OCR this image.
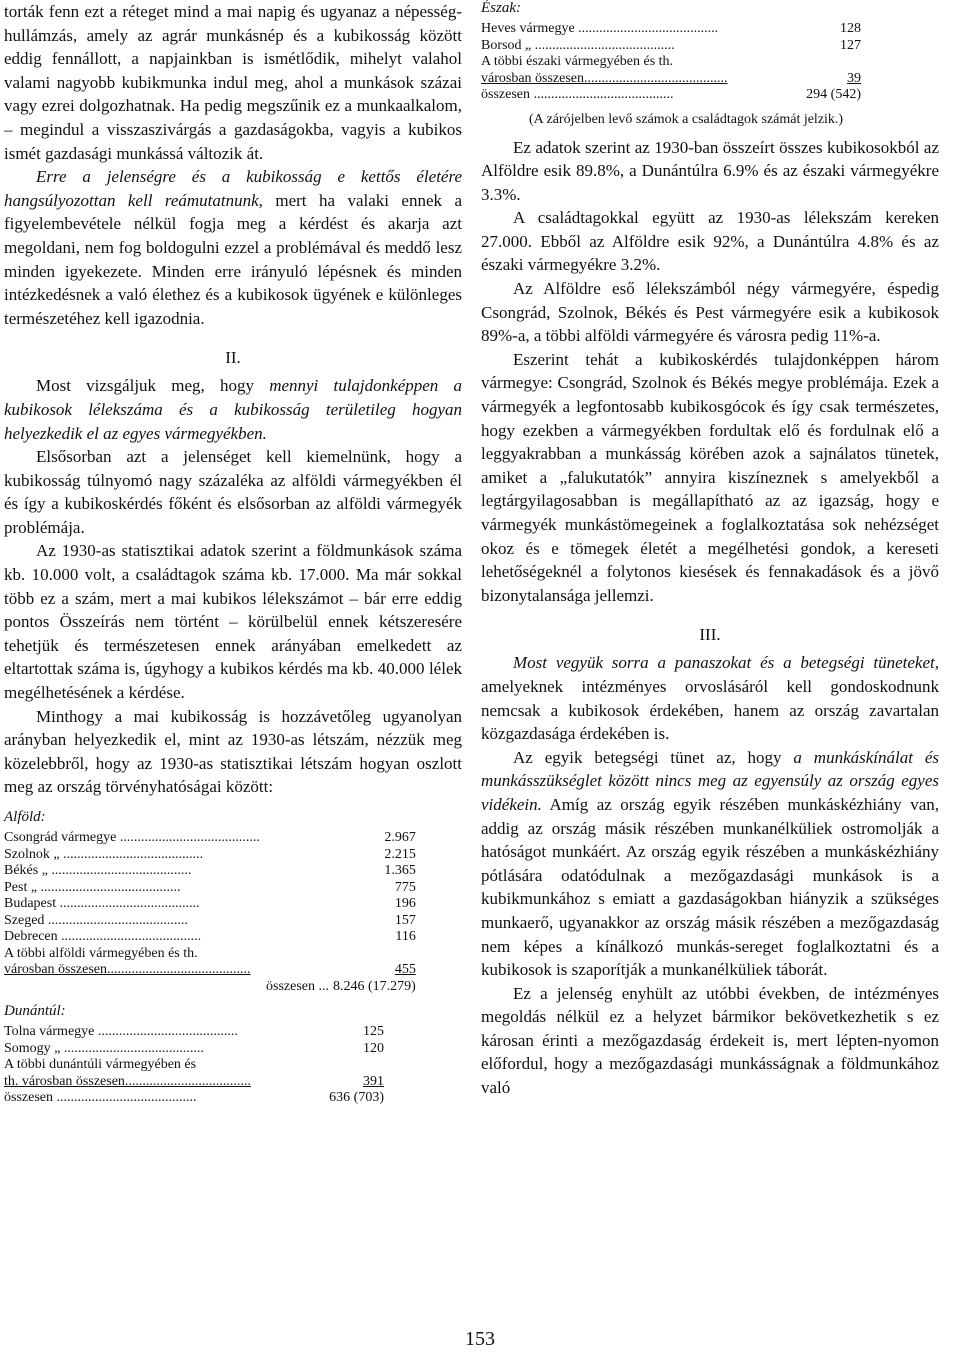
torták fenn ezt a réteget mind a mai napig és ugyanaz a népesség-hullámzás, amely az agrár munkásnép és a kubikosság között eddig fennállott, a napjainkban is ismétlődik, mihelyt valahol valami nagyobb kubikmunka indul meg, ahol a munkások százai vagy ezrei dolgozhatnak. Ha pedig megszűnik ez a munkaalkalom, – megindul a visszaszivárgás a gazdaságokba, vagyis a kubikos ismét gazdasági munkássá változik át.

Erre a jelenségre és a kubikosság e kettős életére hangsúlyozottan kell reámutatnunk, mert ha valaki ennek a figyelembevétele nélkül fogja meg a kérdést és akarja azt megoldani, nem fog boldogulni ezzel a problémával és meddő lesz minden igyekezete. Minden erre irányuló lépésnek és minden intézkedésnek a való élethez és a kubikosok ügyének e különleges természetéhez kell igazodnia.

II.

Most vizsgáljuk meg, hogy mennyi tulajdonképpen a kubikosok lélekszáma és a kubikosság területileg hogyan helyezkedik el az egyes vármegyékben.

Elsősorban azt a jelenséget kell kiemelnünk, hogy a kubikosság túlnyomó nagy százaléka az alföldi vármegyékben él és így a kubikoskérdés főként és elsősorban az alföldi vármegyék problémája.

Az 1930-as statisztikai adatok szerint a földmunkások száma kb. 10.000 volt, a családtagok száma kb. 17.000. Ma már sokkal több ez a szám, mert a mai kubikos lélekszámot – bár erre eddig pontos Összeírás nem történt – körülbelül ennek kétszeresére tehetjük és természetesen ennek arányában emelkedett az eltartottak száma is, úgyhogy a kubikos kérdés ma kb. 40.000 lélek megélhetésének a kérdése.

Minthogy a mai kubikosság is hozzávetőleg ugyanolyan arányban helyezkedik el, mint az 1930-as létszám, nézzük meg közelebbről, hogy az 1930-as statisztikai létszám hogyan oszlott meg az ország törvényhatóságai között:

Alföld:
Csongrád vármegye ........................................	2.967
Szolnok „ ........................................	2.215
Békés „ ........................................	1.365
Pest „ ........................................	775
Budapest ........................................	196
Szeged ........................................	157
Debrecen ........................................	116
A többi alföldi vármegyében és th.	
városban összesen.........................................	455
összesen ...	8.246 (17.279)
Dunántúl:
Tolna vármegye ........................................	125
Somogy „ ........................................	120
A többi dunántúli vármegyében és	
th. városban összesen....................................	391
összesen ........................................	636 (703)
Észak:
Heves vármegye ........................................	128
Borsod „ ........................................	127
A többi északi vármegyében és th.	
városban összesen.........................................	39
összesen ........................................	294 (542)
(A zárójelben levő számok a családtagok számát jelzik.)

Ez adatok szerint az 1930-ban összeírt összes kubikosokból az Alföldre esik 89.8%, a Dunántúlra 6.9% és az északi vármegyékre 3.3%.

A családtagokkal együtt az 1930-as lélekszám kereken 27.000. Ebből az Alföldre esik 92%, a Dunántúlra 4.8% és az északi vármegyékre 3.2%.

Az Alföldre eső lélekszámból négy vármegyére, éspedig Csongrád, Szolnok, Békés és Pest vármegyére esik a kubikosok 89%-a, a többi alföldi vármegyére és városra pedig 11%-a.

Eszerint tehát a kubikoskérdés tulajdonképpen három vármegye: Csongrád, Szolnok és Békés megye problémája. Ezek a vármegyék a legfontosabb kubikosgócok és így csak természetes, hogy ezekben a vármegyékben fordultak elő és fordulnak elő a leggyakrabban a munkásság körében azok a sajnálatos tünetek, amiket a „falukutatók” annyira kiszíneznek s amelyekből a legtárgyilagosabban is megállapítható az az igazság, hogy e vármegyék munkástömegeinek a foglalkoztatása sok nehézséget okoz és e tömegek életét a megélhetési gondok, a kereseti lehetőségeknél a folytonos kiesések és fennakadások és a jövő bizonytalansága jellemzi.

III.

Most vegyük sorra a panaszokat és a betegségi tüneteket, amelyeknek intézményes orvoslásáról kell gondoskodnunk nemcsak a kubikosok érdekében, hanem az ország zavartalan közgazdasága érdekében is.

Az egyik betegségi tünet az, hogy a munkáskínálat és munkásszükséglet között nincs meg az egyensúly az ország egyes vidékein. Amíg az ország egyik részében munkáskézhiány van, addig az ország másik részében munkanélküliek ostromolják a hatóságot munkáért. Az ország egyik részében a munkáskézhiány pótlására odatódulnak a mezőgazdasági munkások is a kubikmunkához s emiatt a gazdaságokban hiányzik a szükséges munkaerő, ugyanakkor az ország másik részében a mezőgazdaság nem képes a kínálkozó munkás-sereget foglalkoztatni és a kubikosok is szaporítják a munkanélküliek táborát.

Ez a jelenség enyhült az utóbbi években, de intézményes megoldás nélkül ez a helyzet bármikor bekövetkezhetik s ez károsan érinti a mezőgazdaság érdekeit is, mert lépten-nyomon előfordul, hogy a mezőgazdasági munkásságnak a földmunkához való

153
